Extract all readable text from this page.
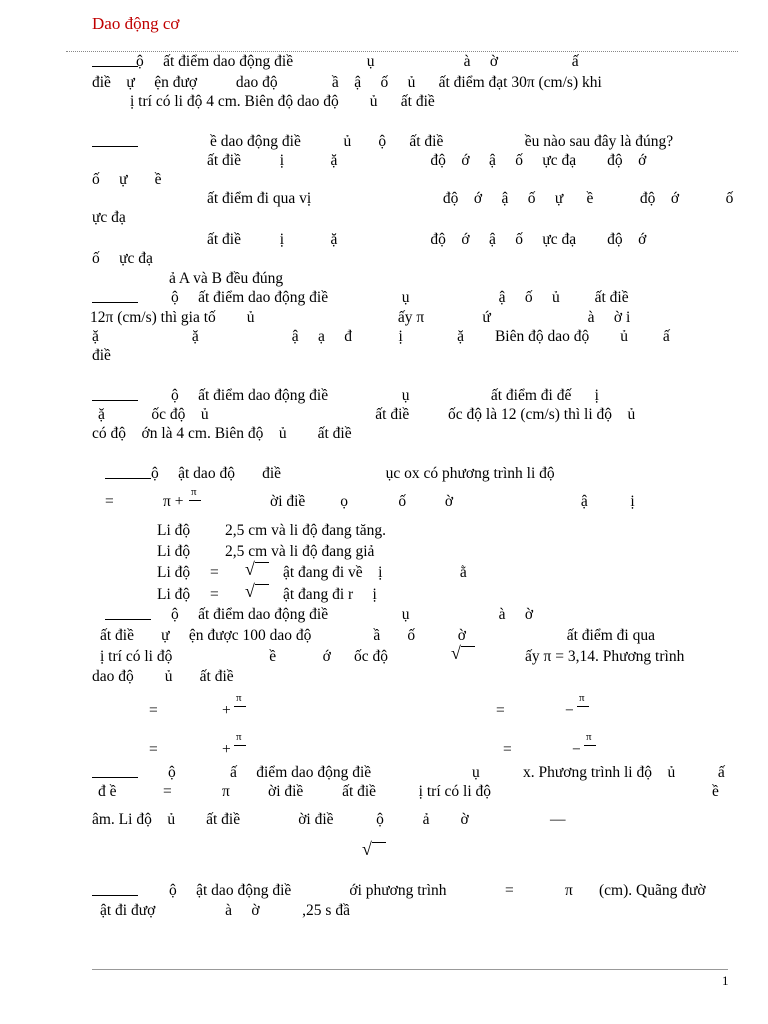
Dao động cơ
ộ     ất điểm dao động điề                   ụ                       à     ờ                   ấ
điề    ự     ện đượ          dao độ              ầ    ậ     ố     ủ      ất điểm đạt 30π (cm/s) khi
ị trí có li độ 4 cm. Biên độ dao độ        ủ      ất điề
ề dao động điề           ủ       ộ      ất điề                     ều nào sau đây là đúng?
ất điề          ị            ặ                        độ    ớ     ậ     ố     ực đạ        độ    ớ
ố     ự       ề
ất điểm đi qua vị                                  độ    ớ     ậ     ố     ự      ề            độ    ớ            ố
ực đạ
ất điề          ị            ặ                        độ    ớ     ậ     ố     ực đạ        độ    ớ
ố     ực đạ
ả A và B đều đúng
ộ     ất điểm dao động điề                   ụ                       ậ     ố     ủ         ất điề
12π (cm/s) thì gia tố        ủ                                     ấy π               ứ                         à     ờ i
ặ                        ặ                        ậ     ạ     đ            ị              ặ        Biên độ dao độ        ủ         ấ
điề
ộ     ất điểm dao động điề                   ụ                     ất điểm đi đế      ị
ặ            ốc độ    ủ                                           ất điề          ốc độ là 12 (cm/s) thì li độ    ủ
có độ    ớn là 4 cm. Biên độ    ủ        ất điề
ộ     ật dao độ       điề                           ục ox có phương trình li độ
ời điề         ọ             ố          ờ                                 ậ           ị
Li độ         2,5 cm và li độ đang tăng.
Li độ         2,5 cm và li độ đang giả
Li độ	ật đang đi về    ị                    ằ
Li độ	ật đang đi r     ị
ộ     ất điểm dao động điề                   ụ                       à     ờ
ất điề       ự     ện được 100 dao độ                ầ       ố           ờ                          ất điểm đi qua
ị trí có li độ                         ề            ớ      ốc độ	ấy π = 3,14. Phương trình
dao độ        ủ       ất điề
x. Phương trình li độ    ủ           ấ
đ ề	ời điề          ất điề           ị trí có li độ	ề
âm. Li độ    ủ        ất điề               ời điề           ộ          ả        ờ
ộ              ấ     điểm dao động điề                          ụ
ộ     ật dao động điề               ới phương trình	(cm). Quãng đườ
ật đi đượ                  à     ờ           ,25 s đầ
=	π +
=
=
=	+	=	−
=	+	=	−
=	π
—
=	π
π
π	π
π	π
√
√
√
√
1
